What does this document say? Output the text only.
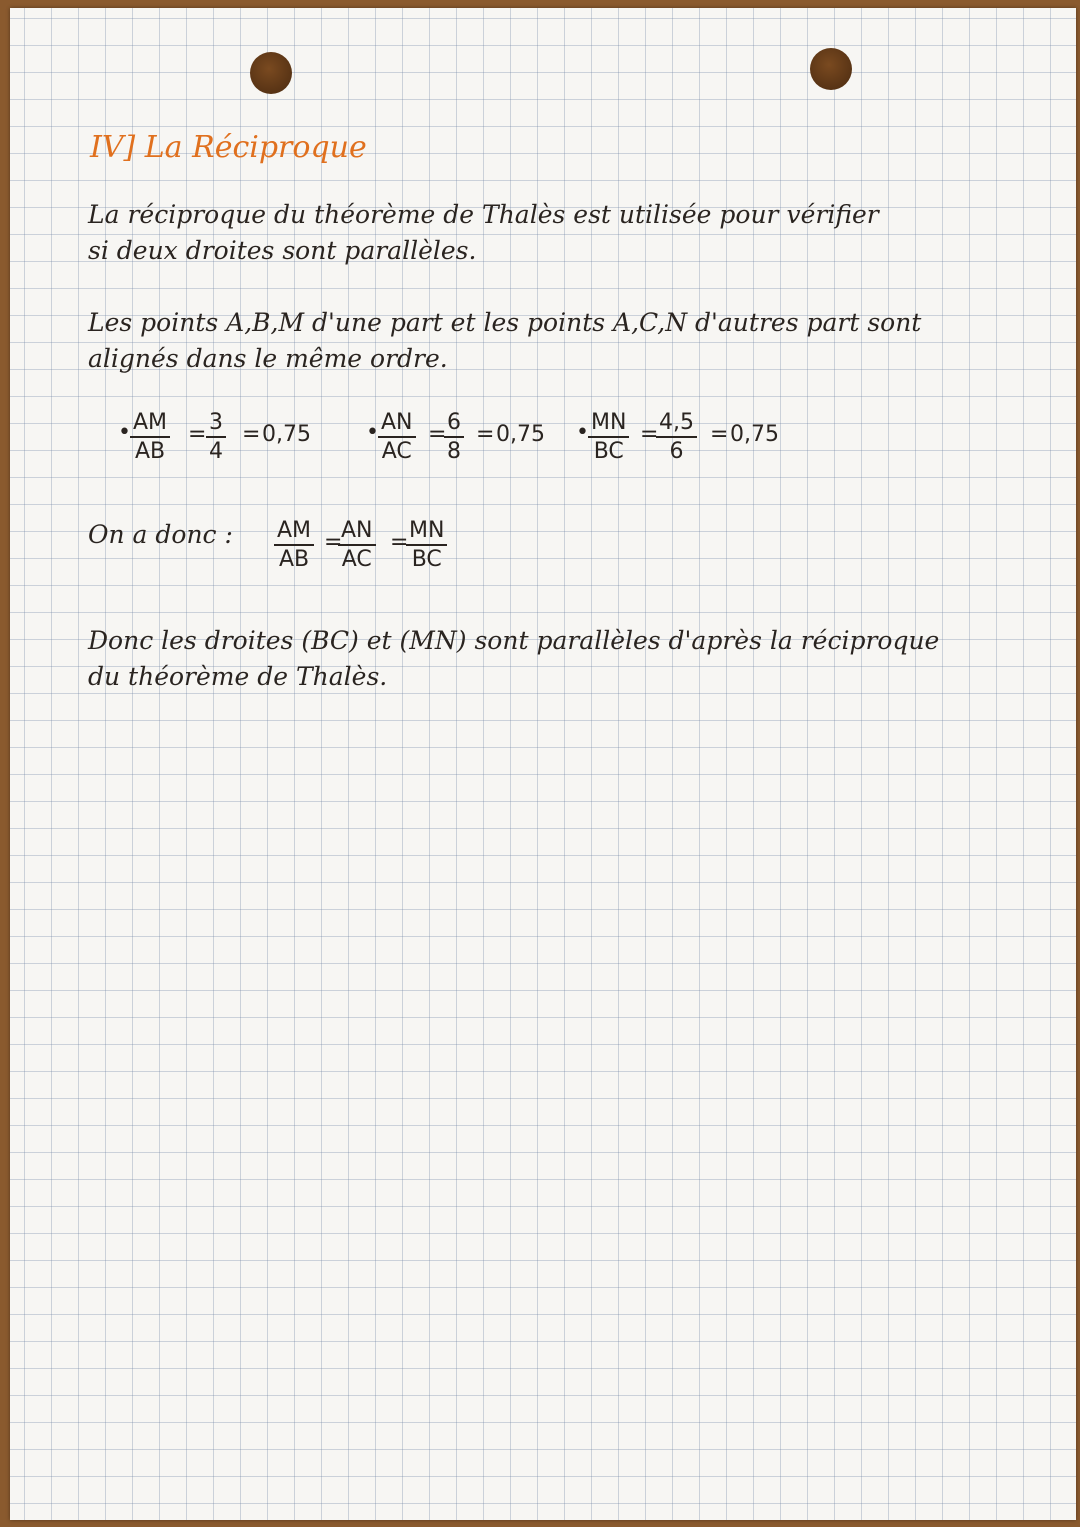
IV] La Réciproque
La réciproque du théorème de Thalès est utilisée pour vérifier
si deux droites sont parallèles.
Les points A,B,M d'une part et les points A,C,N d'autres part sont
alignés dans le même ordre.
• $\frac{AM}{AB} = \frac{3}{4} = 0,75$	• $\frac{AN}{AC}$ =
$\frac{6}{8} = 0,75$ • $\frac{MN}{BC}$ =
$\frac{4,5}{6} = 0,75$
On a donc : $\frac{AM}{AB}$ =
$\frac{AN}{AC}$ =
$\frac{MN}{BC}$
Donc les droites (BC) et (MN) sont parallèles d'après la réciproque
du théorème de Thalès.
